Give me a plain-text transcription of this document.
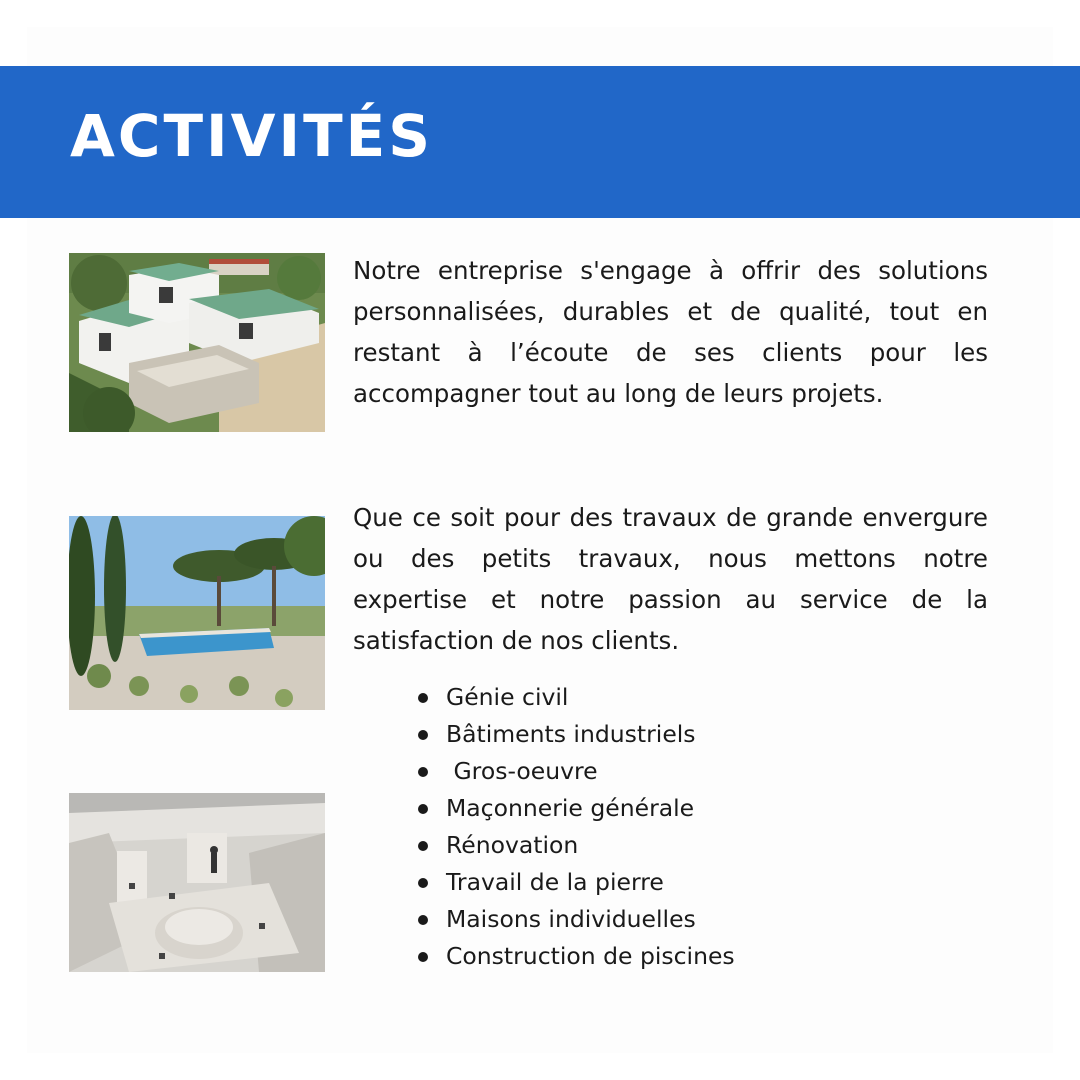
ACTIVITÉS

Notre entreprise s'engage à offrir des solutions personnalisées, durables et de qualité, tout en restant à l’écoute de ses clients pour les accompagner tout au long de leurs projets.

Que ce soit pour des travaux de grande envergure ou des petits travaux, nous mettons notre expertise et notre passion au service de la satisfaction de nos clients.

Génie civil
Bâtiments industriels
Gros-oeuvre
Maçonnerie générale
Rénovation
Travail de la pierre
Maisons individuelles
Construction de piscines
